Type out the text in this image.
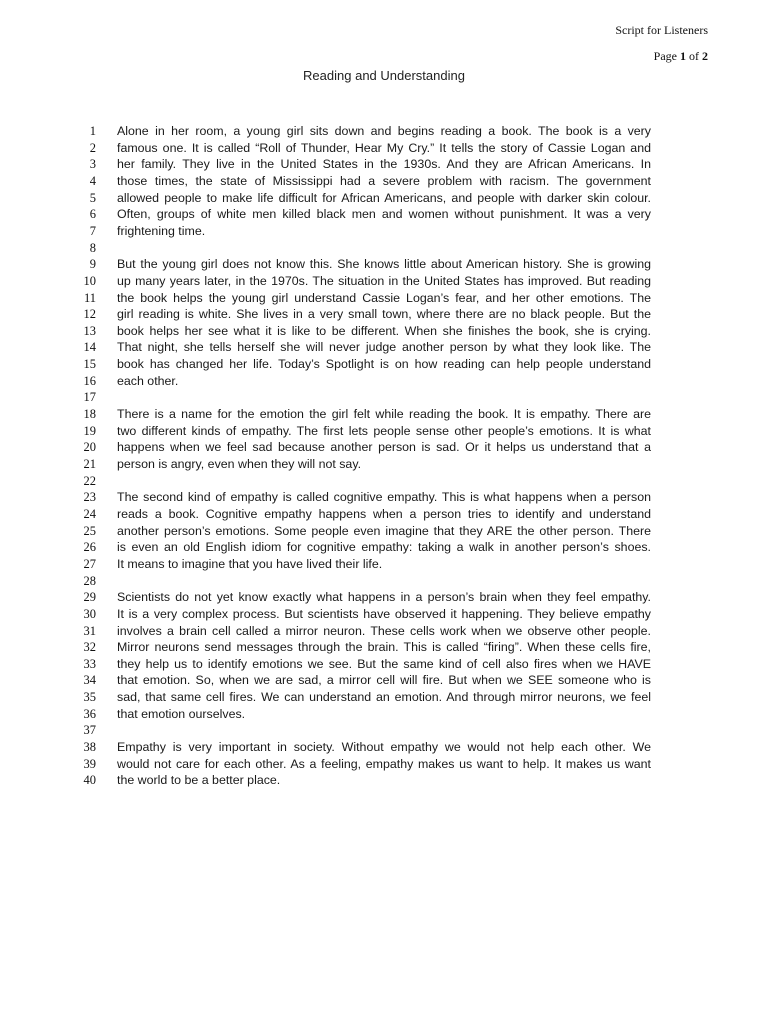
Script for Listeners
Page 1 of 2
Reading and Understanding
1 Alone in her room, a young girl sits down and begins reading a book. The book is a very
2 famous one. It is called “Roll of Thunder, Hear My Cry.” It tells the story of Cassie Logan and
3 her family. They live in the United States in the 1930s. And they are African Americans. In
4 those times, the state of Mississippi had a severe problem with racism. The government
5 allowed people to make life difficult for African Americans, and people with darker skin colour.
6 Often, groups of white men killed black men and women without punishment. It was a very
7 frightening time.
8
9 But the young girl does not know this. She knows little about American history. She is growing
10 up many years later, in the 1970s. The situation in the United States has improved. But reading
11 the book helps the young girl understand Cassie Logan’s fear, and her other emotions. The
12 girl reading is white. She lives in a very small town, where there are no black people. But the
13 book helps her see what it is like to be different. When she finishes the book, she is crying.
14 That night, she tells herself she will never judge another person by what they look like. The
15 book has changed her life. Today’s Spotlight is on how reading can help people understand
16 each other.
17
18 There is a name for the emotion the girl felt while reading the book. It is empathy. There are
19 two different kinds of empathy. The first lets people sense other people’s emotions. It is what
20 happens when we feel sad because another person is sad. Or it helps us understand that a
21 person is angry, even when they will not say.
22
23 The second kind of empathy is called cognitive empathy. This is what happens when a person
24 reads a book. Cognitive empathy happens when a person tries to identify and understand
25 another person’s emotions. Some people even imagine that they ARE the other person. There
26 is even an old English idiom for cognitive empathy: taking a walk in another person’s shoes.
27 It means to imagine that you have lived their life.
28
29 Scientists do not yet know exactly what happens in a person’s brain when they feel empathy.
30 It is a very complex process. But scientists have observed it happening. They believe empathy
31 involves a brain cell called a mirror neuron. These cells work when we observe other people.
32 Mirror neurons send messages through the brain. This is called “firing”. When these cells fire,
33 they help us to identify emotions we see. But the same kind of cell also fires when we HAVE
34 that emotion. So, when we are sad, a mirror cell will fire. But when we SEE someone who is
35 sad, that same cell fires. We can understand an emotion. And through mirror neurons, we feel
36 that emotion ourselves.
37
38 Empathy is very important in society. Without empathy we would not help each other. We
39 would not care for each other. As a feeling, empathy makes us want to help. It makes us want
40 the world to be a better place.
